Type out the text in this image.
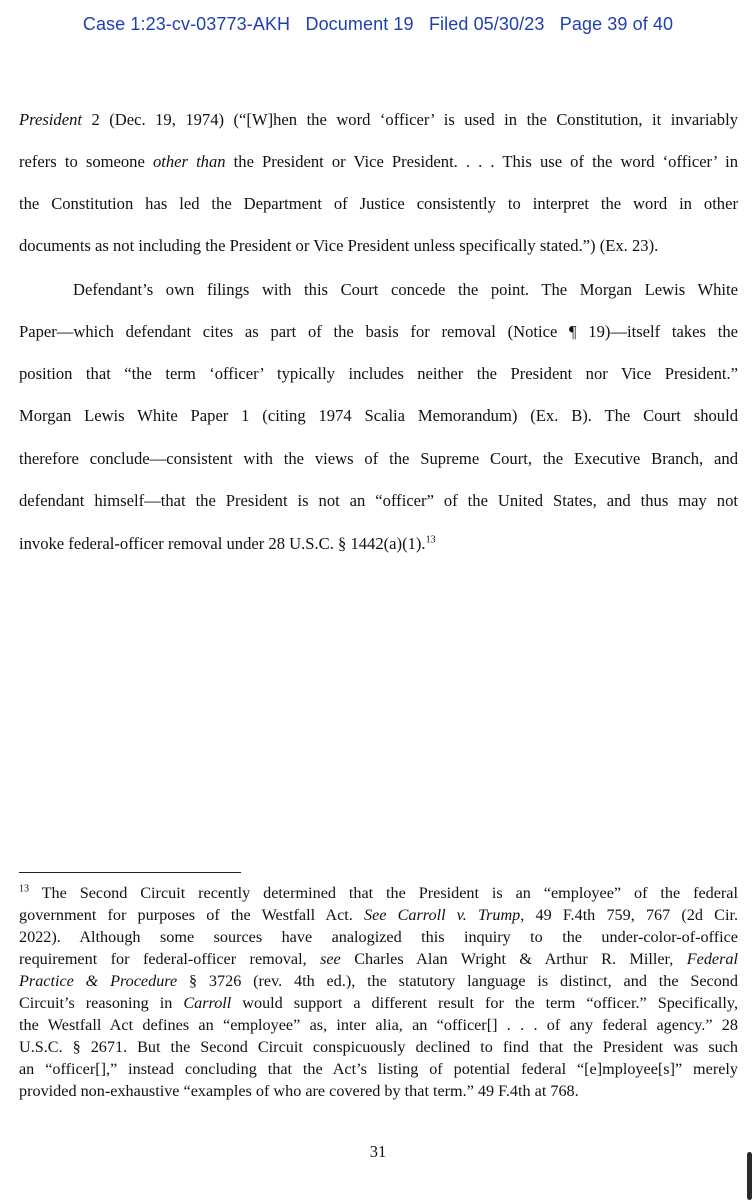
Case 1:23-cv-03773-AKH Document 19 Filed 05/30/23 Page 39 of 40
President 2 (Dec. 19, 1974) (“[W]hen the word ‘officer’ is used in the Constitution, it invariably
refers to someone other than the President or Vice President. . . . This use of the word ‘officer’ in
the Constitution has led the Department of Justice consistently to interpret the word in other
documents as not including the President or Vice President unless specifically stated.”) (Ex. 23).
Defendant’s own filings with this Court concede the point. The Morgan Lewis White
Paper—which defendant cites as part of the basis for removal (Notice ¶ 19)—itself takes the
position that “the term ‘officer’ typically includes neither the President nor Vice President.”
Morgan Lewis White Paper 1 (citing 1974 Scalia Memorandum) (Ex. B). The Court should
therefore conclude—consistent with the views of the Supreme Court, the Executive Branch, and
defendant himself—that the President is not an “officer” of the United States, and thus may not
invoke federal-officer removal under 28 U.S.C. § 1442(a)(1).$^{13}$
$^{13}$ The Second Circuit recently determined that the President is an “employee” of the federal
government for purposes of the Westfall Act. See Carroll v. Trump, 49 F.4th 759, 767 (2d Cir.
2022). Although some sources have analogized this inquiry to the under-color-of-office
requirement for federal-officer removal, see Charles Alan Wright & Arthur R. Miller, Federal
Practice & Procedure § 3726 (rev. 4th ed.), the statutory language is distinct, and the Second
Circuit’s reasoning in Carroll would support a different result for the term “officer.” Specifically,
the Westfall Act defines an “employee” as, inter alia, an “officer[] . . . of any federal agency.” 28
U.S.C. § 2671. But the Second Circuit conspicuously declined to find that the President was such
an “officer[],” instead concluding that the Act’s listing of potential federal “[e]mployee[s]” merely
provided non-exhaustive “examples of who are covered by that term.” 49 F.4th at 768.
31
